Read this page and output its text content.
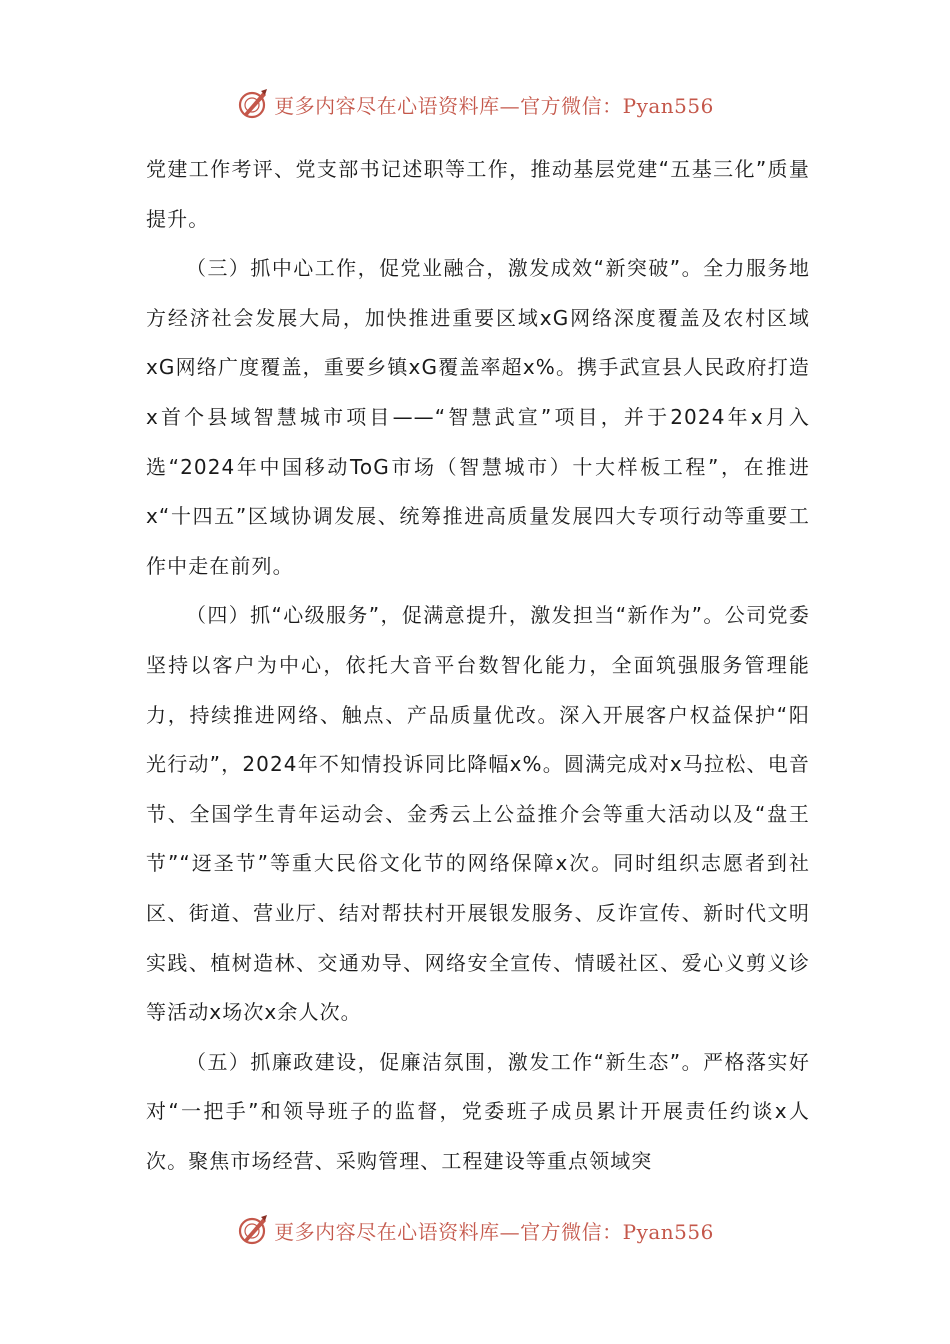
更多内容尽在心语资料库—官方微信：Pyan556

党建工作考评、党支部书记述职等工作，推动基层党建“五基三化”质量提升。

（三）抓中心工作，促党业融合，激发成效“新突破”。全力服务地方经济社会发展大局，加快推进重要区域xG网络深度覆盖及农村区域xG网络广度覆盖，重要乡镇xG覆盖率超x%。携手武宣县人民政府打造x首个县域智慧城市项目——“智慧武宣”项目，并于2024年x月入选“2024年中国移动ToG市场（智慧城市）十大样板工程”，在推进x“十四五”区域协调发展、统筹推进高质量发展四大专项行动等重要工作中走在前列。

（四）抓“心级服务”，促满意提升，激发担当“新作为”。公司党委坚持以客户为中心，依托大音平台数智化能力，全面筑强服务管理能力，持续推进网络、触点、产品质量优改。深入开展客户权益保护“阳光行动”，2024年不知情投诉同比降幅x%。圆满完成对x马拉松、电音节、全国学生青年运动会、金秀云上公益推介会等重大活动以及“盘王节”“迓圣节”等重大民俗文化节的网络保障x次。同时组织志愿者到社区、街道、营业厅、结对帮扶村开展银发服务、反诈宣传、新时代文明实践、植树造林、交通劝导、网络安全宣传、情暖社区、爱心义剪义诊等活动x场次x余人次。

（五）抓廉政建设，促廉洁氛围，激发工作“新生态”。严格落实好对“一把手”和领导班子的监督，党委班子成员累计开展责任约谈x人次。聚焦市场经营、采购管理、工程建设等重点领域突

更多内容尽在心语资料库—官方微信：Pyan556
